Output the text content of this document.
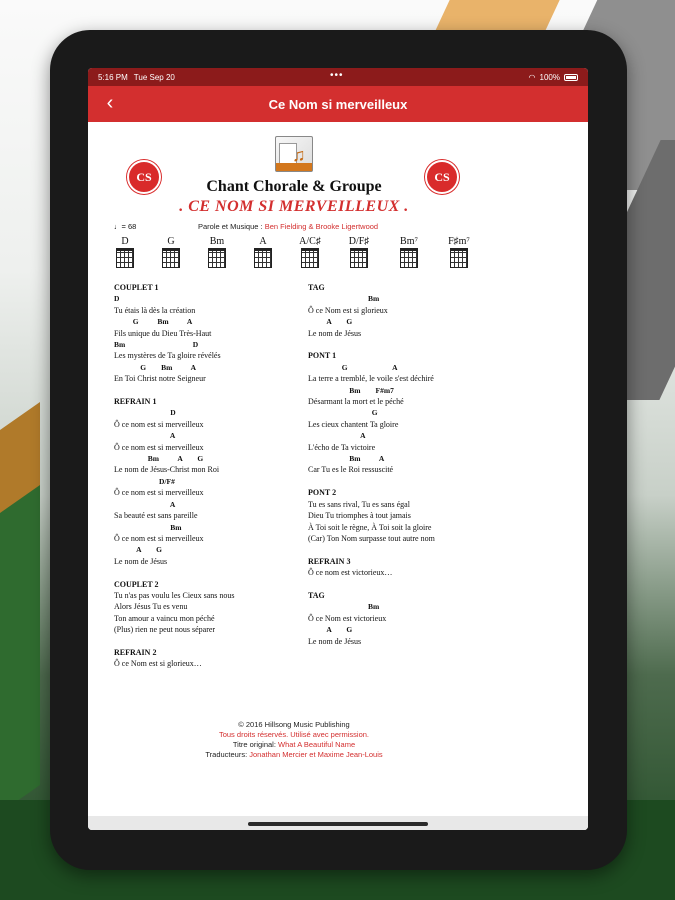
5:16 PM Tue Sep 20	•••	◠ 100%
‹	Ce Nom si merveilleux
CS
♫	CS
Chant Chorale & Groupe
. CE NOM SI MERVEILLEUX .
♩= 68	Parole et Musique : Ben Fielding & Brooke Ligertwood
D	G	Bm	A	A/C♯	D/F♯	Bm⁷	F♯m⁷
COUPLET 1
D
Tu étais là dès la création
G          Bm          A
Fils unique du Dieu Très-Haut
Bm                                    D
Les mystères de Ta gloire révélés
G        Bm          A
En Toi Christ notre Seigneur
REFRAIN 1
D
Ô ce nom est si merveilleux
A
Ô ce nom est si merveilleux
Bm          A        G
Le nom de Jésus-Christ mon Roi
D/F#
Ô ce nom est si merveilleux
A
Sa beauté est sans pareille
Bm
Ô ce nom est si merveilleux
A        G
Le nom de Jésus
COUPLET 2
Tu n'as pas voulu les Cieux sans nous
Alors Jésus Tu es venu
Ton amour a vaincu mon péché
(Plus) rien ne peut nous séparer
REFRAIN 2
Ô ce Nom est si glorieux…
TAG
Bm
Ô ce Nom est si glorieux
A        G
Le nom de Jésus
PONT 1
G                        A
La terre a tremblé, le voile s'est déchiré
Bm        F#m7
Désarmant la mort et le péché
G
Les cieux chantent Ta gloire
A
L'écho de Ta victoire
Bm          A
Car Tu es le Roi ressuscité
PONT 2
Tu es sans rival, Tu es sans égal
Dieu Tu triomphes à tout jamais
À Toi soit le règne, À Toi soit la gloire
(Car) Ton Nom surpasse tout autre nom
REFRAIN 3
Ô ce nom est victorieux…
TAG
Bm
Ô ce Nom est victorieux
A        G
Le nom de Jésus
© 2016 Hillsong Music Publishing
Tous droits réservés. Utilisé avec permission.
Titre original: What A Beautiful Name
Traducteurs: Jonathan Mercier et Maxime Jean-Louis
